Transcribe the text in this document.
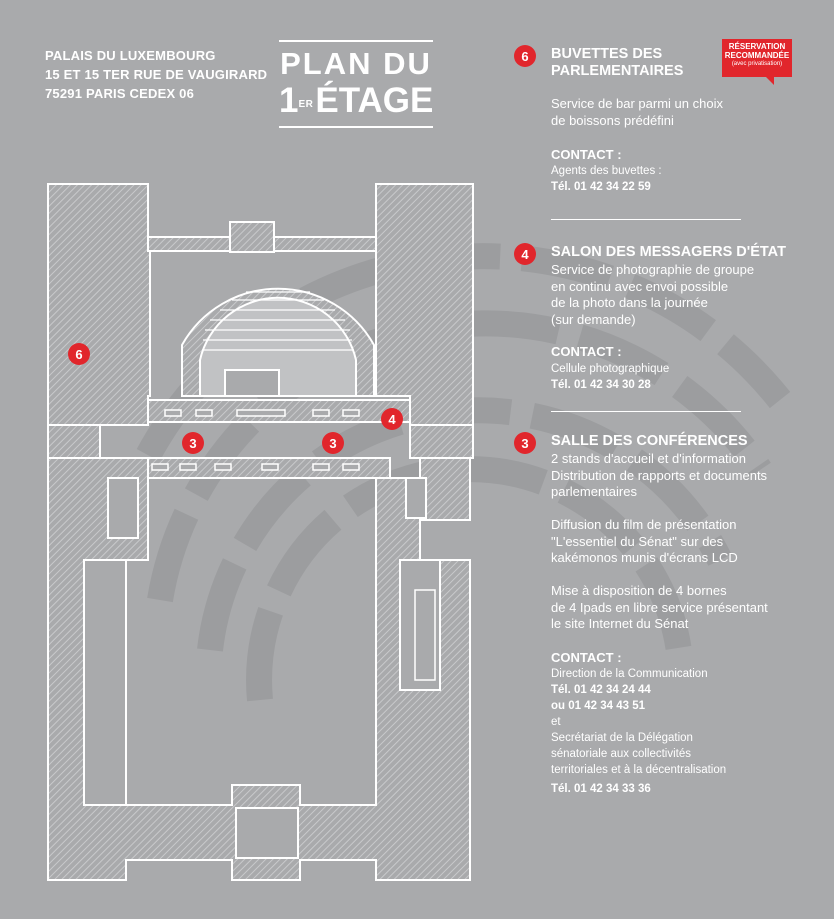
PALAIS DU LUXEMBOURG
15 ET 15 TER RUE DE VAUGIRARD
75291 PARIS CEDEX 06
PLAN DU
1ERÉTAGE
RÉSERVATION
RECOMMANDÉE
(avec privatisation)
6	BUVETTES DES
PARLEMENTAIRES
Service de bar parmi un choix
de boissons prédéfini
CONTACT :
Agents des buvettes :
Tél. 01 42 34 22 59
4	SALON DES MESSAGERS D'ÉTAT
Service de photographie de groupe
en continu avec envoi possible
de la photo dans la journée
(sur demande)
CONTACT :
Cellule photographique
Tél. 01 42 34 30 28
3	SALLE DES CONFÉRENCES
2 stands d'accueil et d'information
Distribution de rapports et documents
parlementaires
Diffusion du film de présentation
"L'essentiel du Sénat" sur des
kakémonos munis d'écrans LCD
Mise à disposition de 4 bornes
de 4 Ipads en libre service présentant
le site Internet du Sénat
CONTACT :
Direction de la Communication
Tél. 01 42 34 24 44
ou 01 42 34 43 51
et
Secrétariat de la Délégation
sénatoriale aux collectivités
territoriales et à la décentralisation
Tél. 01 42 34 33 36
6
3	3
4
